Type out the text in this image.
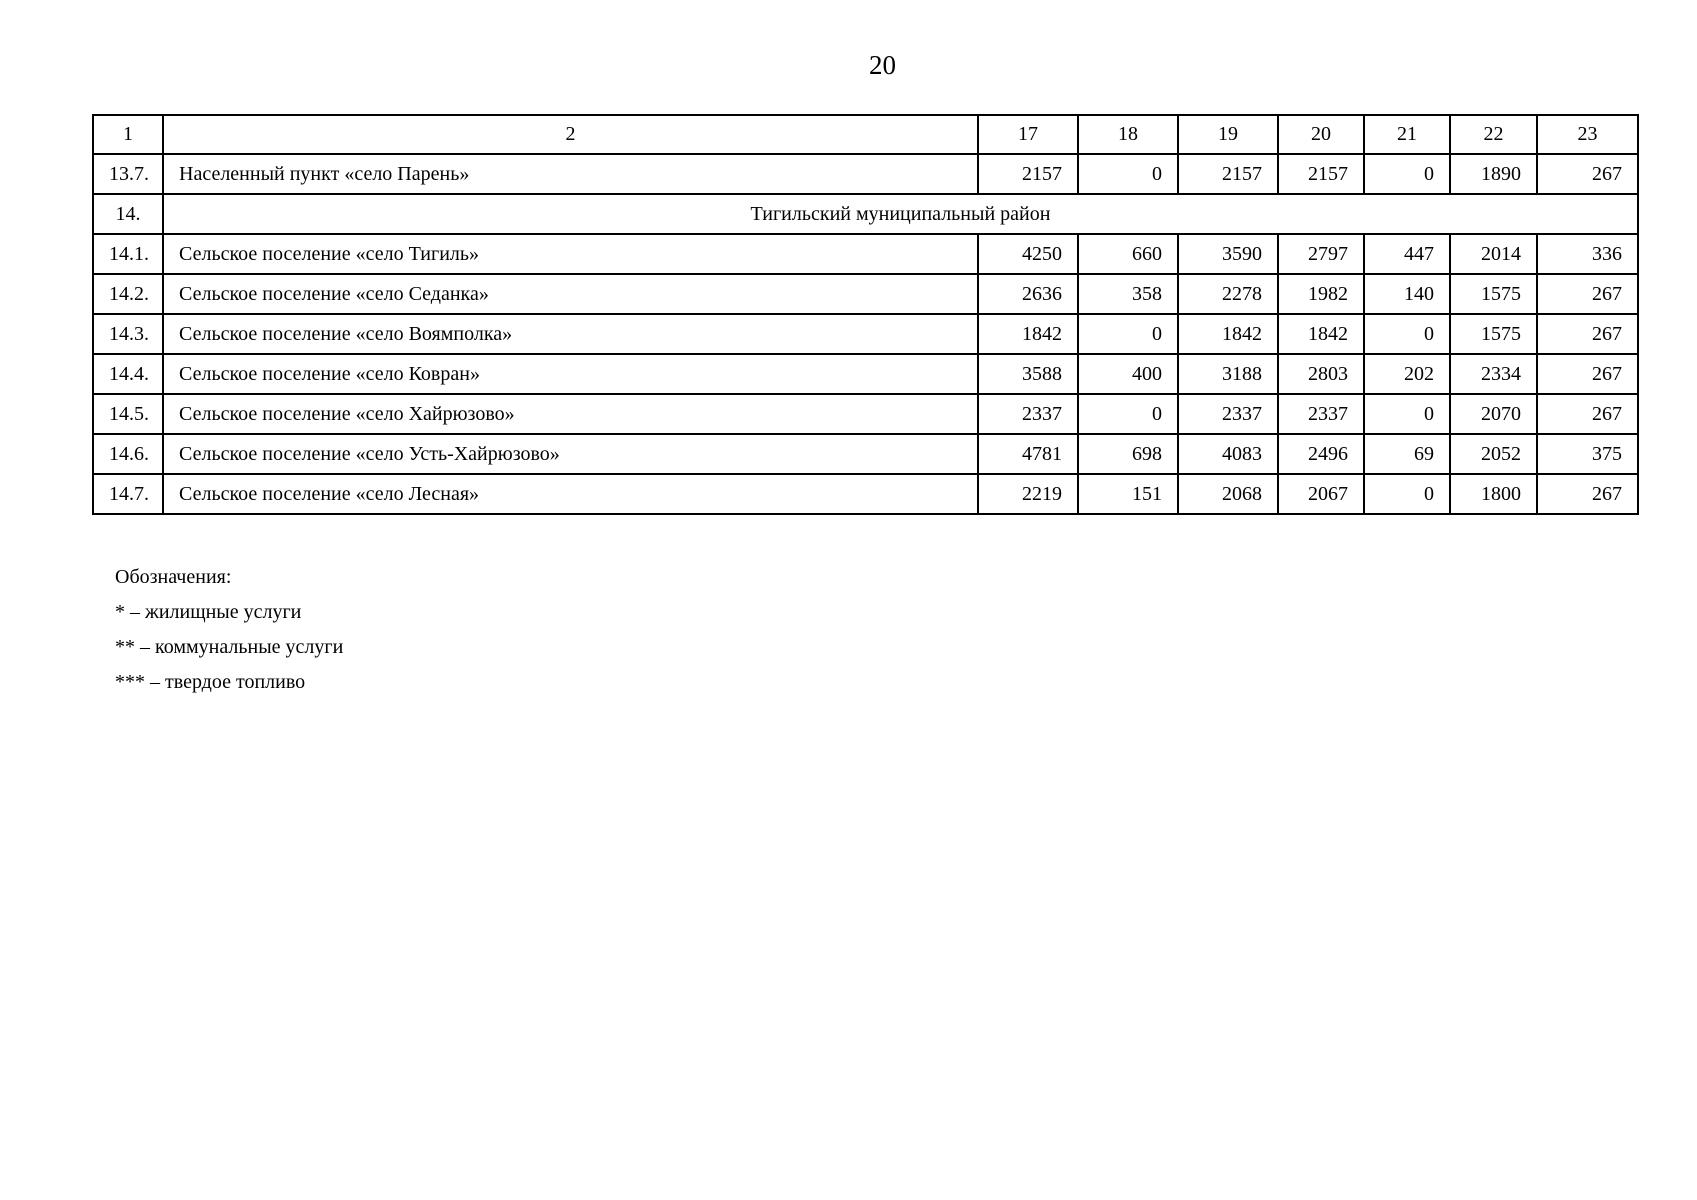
20
1	2	17	18	19	20	21	22	23
13.7.	Населенный пункт «село Парень»	2157	0	2157	2157	0	1890	267
14.	Тигильский муниципальный район							
14.1.	Сельское поселение «село Тигиль»	4250	660	3590	2797	447	2014	336
14.2.	Сельское поселение «село Седанка»	2636	358	2278	1982	140	1575	267
14.3.	Сельское поселение «село Воямполка»	1842	0	1842	1842	0	1575	267
14.4.	Сельское поселение «село Ковран»	3588	400	3188	2803	202	2334	267
14.5.	Сельское поселение «село Хайрюзово»	2337	0	2337	2337	0	2070	267
14.6.	Сельское поселение «село Усть-Хайрюзово»	4781	698	4083	2496	69	2052	375
14.7.	Сельское поселение «село Лесная»	2219	151	2068	2067	0	1800	267
Обозначения:
* – жилищные услуги
** – коммунальные услуги
*** – твердое топливо
